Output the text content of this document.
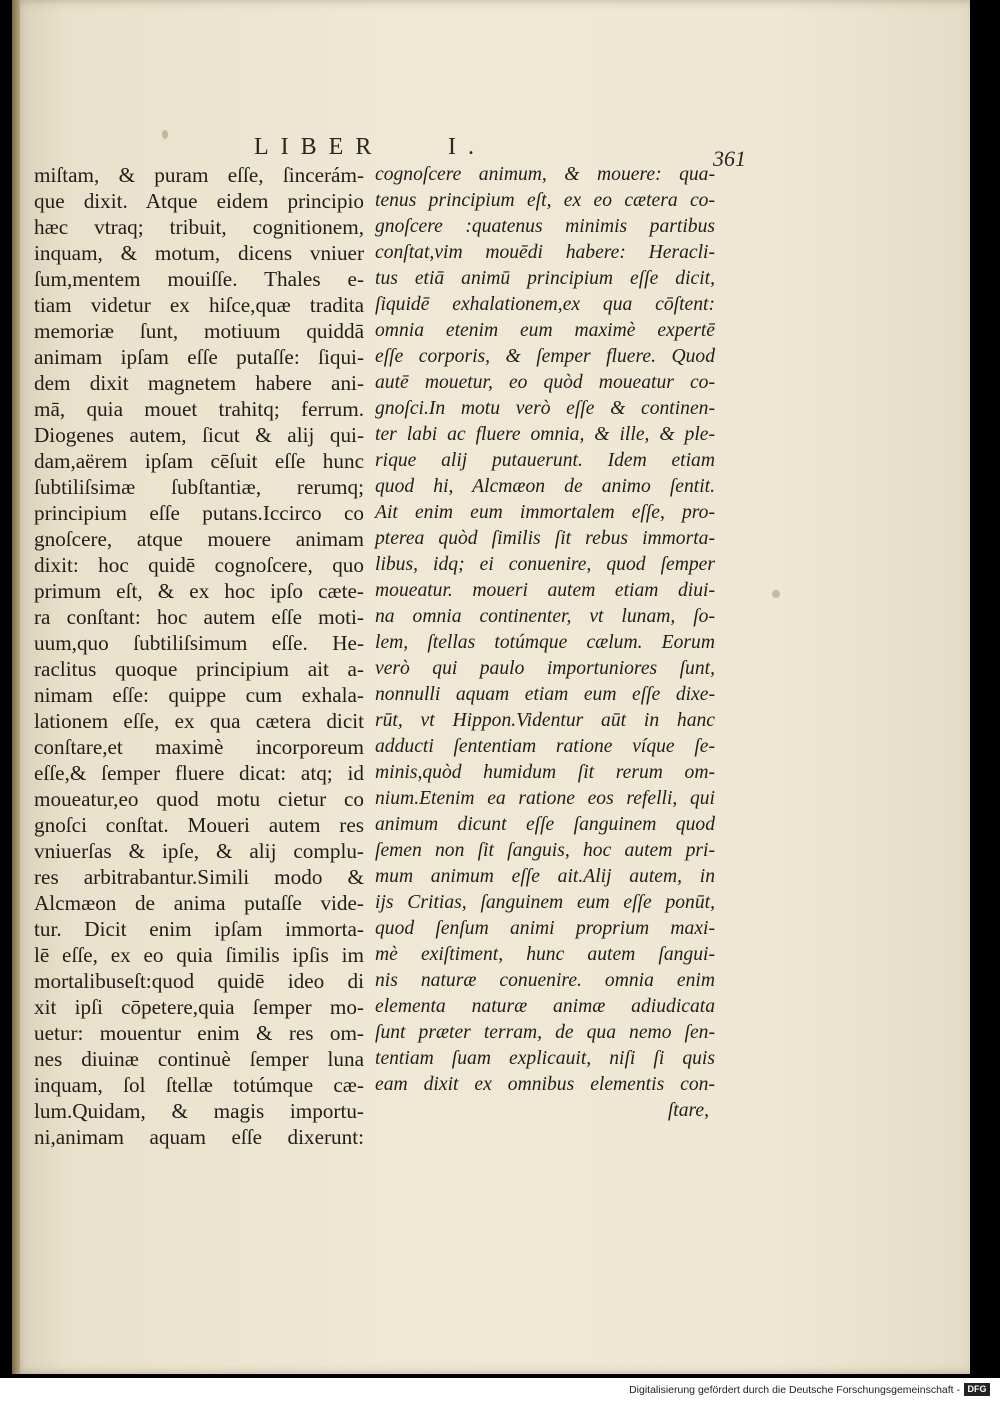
LIBER	I.	361
miſtam, & puram eſſe, ſincerám-
que dixit. Atque eidem principio
hæc vtraq; tribuit, cognitionem,
inquam, & motum, dicens vniuer
ſum,mentem mouiſſe. Thales e-
tiam videtur ex hiſce,quæ tradita
memoriæ ſunt, motiuum quiddā
animam ipſam eſſe putaſſe: ſiqui-
dem dixit magnetem habere ani-
mā, quia mouet trahitq; ferrum.
Diogenes autem, ſicut & alij qui-
dam,aërem ipſam cēſuit eſſe hunc
ſubtiliſsimæ ſubſtantiæ, rerumq;
principium eſſe putans.Iccirco co
gnoſcere, atque mouere animam
dixit: hoc quidē cognoſcere, quo
primum eſt, & ex hoc ipſo cæte-
ra conſtant: hoc autem eſſe moti-
uum,quo ſubtiliſsimum eſſe. He-
raclitus quoque principium ait a-
nimam eſſe: quippe cum exhala-
lationem eſſe, ex qua cætera dicit
conſtare,et maximè incorporeum
eſſe,& ſemper fluere dicat: atq; id
moueatur,eo quod motu cietur co
gnoſci conſtat. Moueri autem res
vniuerſas & ipſe, & alij complu-
res arbitrabantur.Simili modo &
Alcmæon de anima putaſſe vide-
tur. Dicit enim ipſam immorta-
lē eſſe, ex eo quia ſimilis ipſis im
mortalibuseſt:quod quidē ideo di
xit ipſi cōpetere,quia ſemper mo-
uetur: mouentur enim & res om-
nes diuinæ continuè ſemper luna
inquam, ſol ſtellæ totúmque cæ-
lum.Quidam, & magis importu-
ni,animam aquam eſſe dixerunt:
cognoſcere animum, & mouere: qua-
tenus principium eſt, ex eo cætera co-
gnoſcere :quatenus minimis partibus
conſtat,vim mouēdi habere: Heracli-
tus etiā animū principium eſſe dicit,
ſiquidē exhalationem,ex qua cōſtent:
omnia etenim eum maximè expertē
eſſe corporis, & ſemper fluere. Quod
autē mouetur, eo quòd moueatur co-
gnoſci.In motu verò eſſe & continen-
ter labi ac fluere omnia, & ille, & ple-
rique alij putauerunt. Idem etiam
quod hi, Alcmæon de animo ſentit.
Ait enim eum immortalem eſſe, pro-
pterea quòd ſimilis ſit rebus immorta-
libus, idq; ei conuenire, quod ſemper
moueatur. moueri autem etiam diui-
na omnia continenter, vt lunam, ſo-
lem, ſtellas totúmque cælum. Eorum
verò qui paulo importuniores ſunt,
nonnulli aquam etiam eum eſſe dixe-
rūt, vt Hippon.Videntur aūt in hanc
adducti ſententiam ratione víque ſe-
minis,quòd humidum ſit rerum om-
nium.Etenim ea ratione eos refelli, qui
animum dicunt eſſe ſanguinem quod
ſemen non ſit ſanguis, hoc autem pri-
mum animum eſſe ait.Alij autem, in
ijs Critias, ſanguinem eum eſſe ponūt,
quod ſenſum animi proprium maxi-
mè exiſtiment, hunc autem ſangui-
nis naturæ conuenire. omnia enim
elementa naturæ animæ adiudicata
ſunt præter terram, de qua nemo ſen-
tentiam ſuam explicauit, niſi ſi quis
eam dixit ex omnibus elementis con-
ſtare,
Digitalisierung gefördert durch die Deutsche Forschungsgemeinschaft - DFG
